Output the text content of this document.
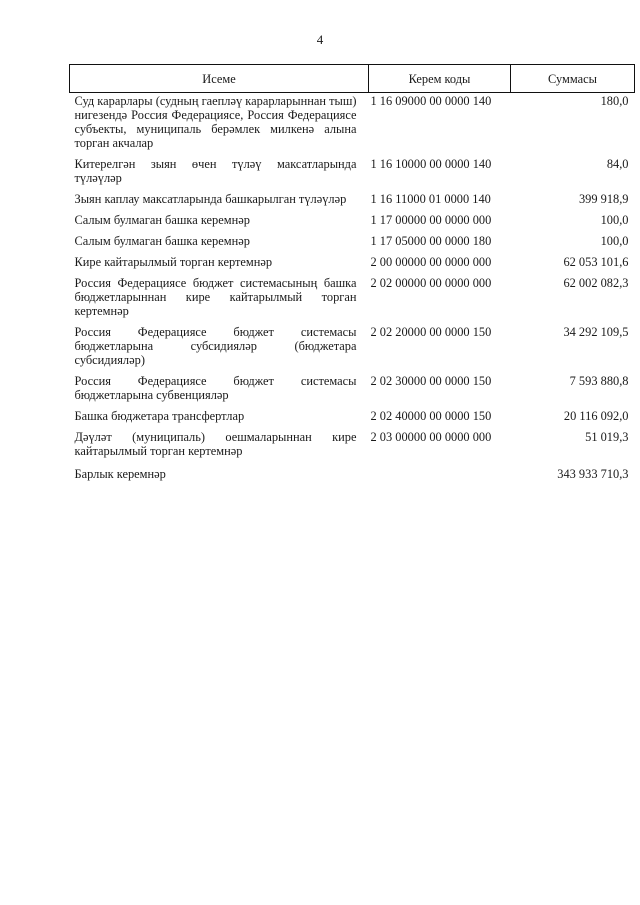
4
Исеме	Керем коды	Суммасы
Суд карарлары (судның гаепләү карарларыннан тыш) нигезендә Россия Федерациясе, Россия Федерациясе субъекты, муниципаль берәмлек милкенә алына торган акчалар	1 16 09000 00 0000 140	180,0
Китерелгән зыян өчен түләү максатларында түләүләр	1 16 10000 00 0000 140	84,0
Зыян каплау максатларында башкарылган түләүләр	1 16 11000 01 0000 140	399 918,9
Салым булмаган башка керемнәр	1 17 00000 00 0000 000	100,0
Салым булмаган башка керемнәр	1 17 05000 00 0000 180	100,0
Кире кайтарылмый торган кертемнәр	2 00 00000 00 0000 000	62 053 101,6
Россия Федерациясе бюджет системасының башка бюджетларыннан кире кайтарылмый торган кертемнәр	2 02 00000 00 0000 000	62 002 082,3
Россия Федерациясе бюджет системасы бюджетларына субсидияләр (бюджетара субсидияләр)	2 02 20000 00 0000 150	34 292 109,5
Россия Федерациясе бюджет системасы бюджетларына субвенцияләр	2 02 30000 00 0000 150	7 593 880,8
Башка бюджетара трансфертлар	2 02 40000 00 0000 150	20 116 092,0
Дәүләт (муниципаль) оешмаларыннан кире кайтарылмый торган кертемнәр	2 03 00000 00 0000 000	51 019,3
Барлык керемнәр		343 933 710,3
